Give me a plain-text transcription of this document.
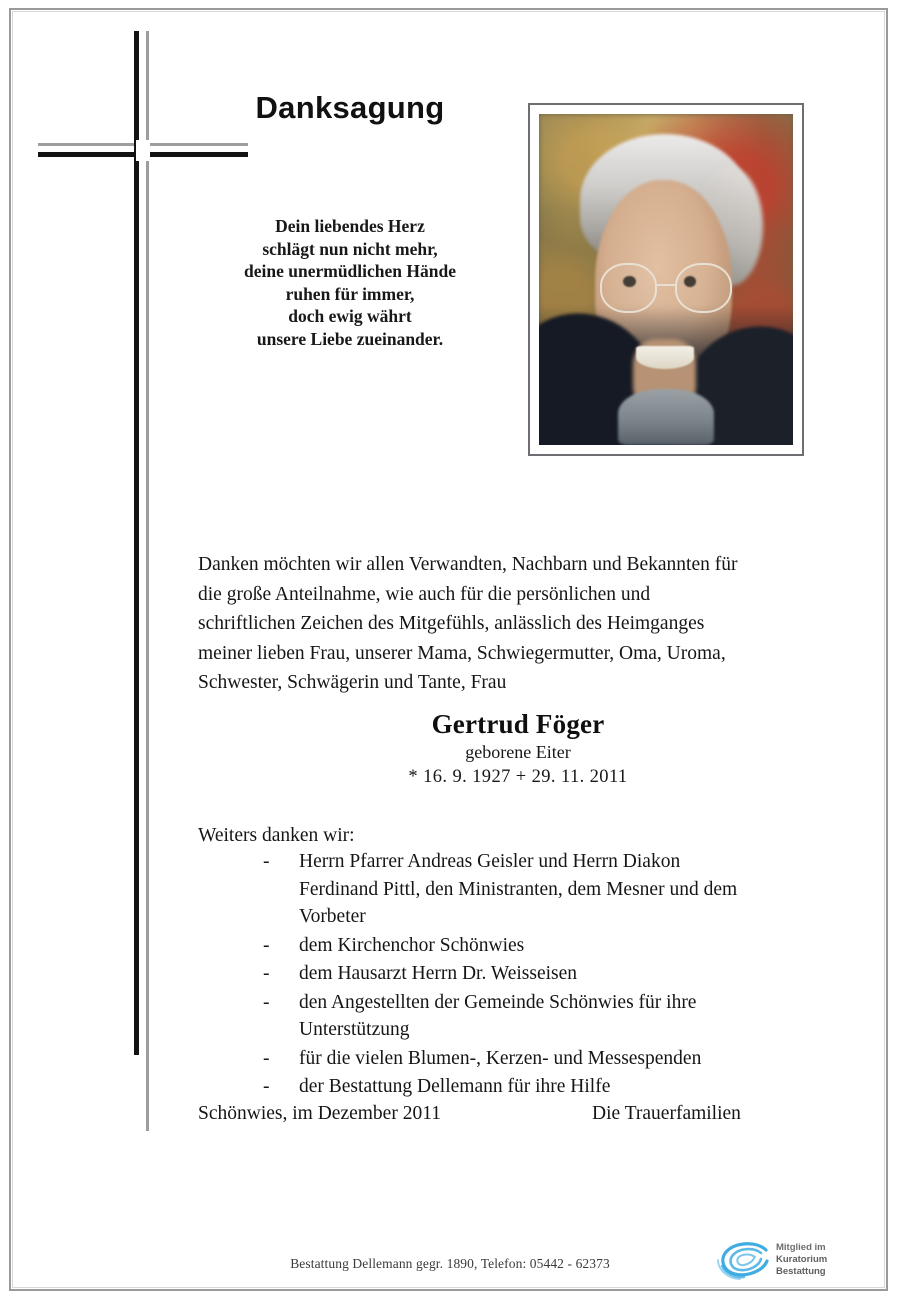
Danksagung
Dein liebendes Herz
schlägt nun nicht mehr,
deine unermüdlichen Hände
ruhen für immer,
doch ewig währt
unsere Liebe zueinander.
Danken möchten wir allen Verwandten, Nachbarn und Bekannten für
die große Anteilnahme, wie auch für die persönlichen und
schriftlichen Zeichen des Mitgefühls, anlässlich des Heimganges
meiner lieben Frau, unserer Mama, Schwiegermutter, Oma, Uroma,
Schwester, Schwägerin und Tante, Frau
Gertrud Föger
geborene Eiter
* 16. 9. 1927 + 29. 11. 2011
Weiters danken wir:
- Herrn Pfarrer Andreas Geisler und Herrn Diakon
Ferdinand Pittl, den Ministranten, dem Mesner und dem
Vorbeter
- dem Kirchenchor Schönwies
- dem Hausarzt Herrn Dr. Weisseisen
- den Angestellten der Gemeinde Schönwies für ihre
Unterstützung
- für die vielen Blumen-, Kerzen- und Messespenden
- der Bestattung Dellemann für ihre Hilfe
Schönwies, im Dezember 2011	Die Trauerfamilien
Bestattung Dellemann gegr. 1890, Telefon: 05442 - 62373
Mitglied im
Kuratorium Bestattung
